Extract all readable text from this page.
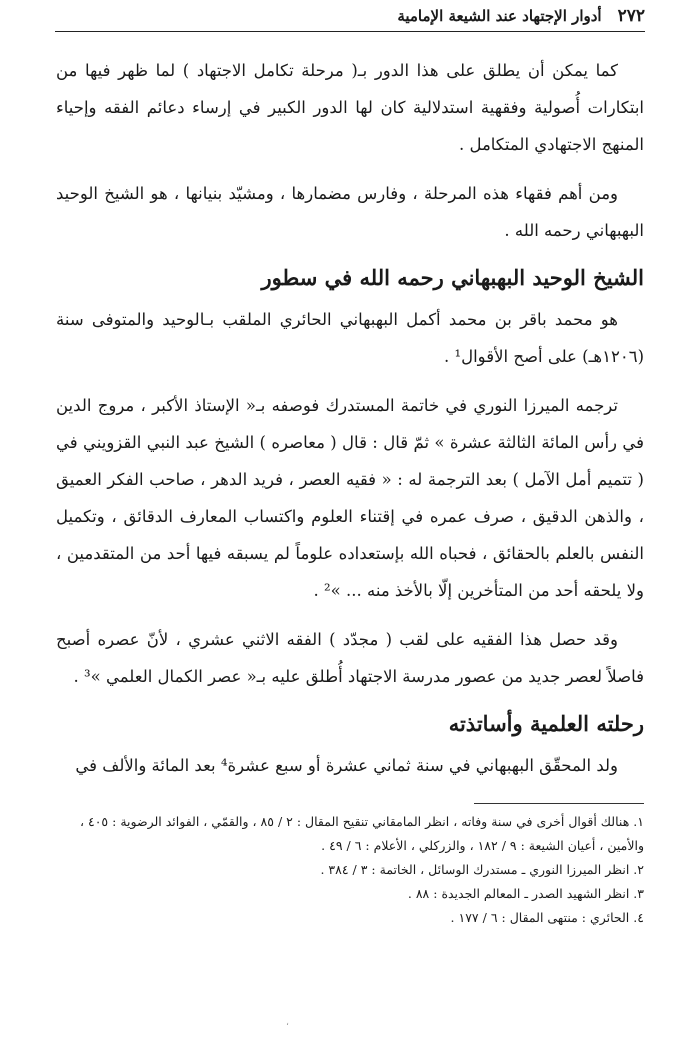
٢٧٢
أدوار الإجتهاد عند الشيعة الإمامية

كما يمكن أن يطلق على هذا الدور بـ( مرحلة تكامل الاجتهاد ) لما ظهر فيها من ابتكارات أُصولية وفقهية استدلالية كان لها الدور الكبير في إرساء دعائم الفقه وإحياء المنهج الاجتهادي المتكامل .

ومن أهم فقهاء هذه المرحلة ، وفارس مضمارها ، ومشيّد بنيانها ، هو الشيخ الوحيد البهبهاني رحمه الله .

الشيخ الوحيد البهبهاني رحمه الله في سطور

هو محمد باقر بن محمد أكمل البهبهاني الحائري الملقب بـالوحيد والمتوفى سنة (١٢٠٦هـ) على أصح الأقوال¹ .

ترجمه الميرزا النوري في خاتمة المستدرك فوصفه بـ« الإستاذ الأكبر ، مروج الدين في رأس المائة الثالثة عشرة » ثمّ قال : قال ( معاصره ) الشيخ عبد النبي القزويني في ( تتميم أمل الآمل ) بعد الترجمة له : « فقيه العصر ، فريد الدهر ، صاحب الفكر العميق ، والذهن الدقيق ، صرف عمره في إقتناء العلوم واكتساب المعارف الدقائق ، وتكميل النفس بالعلم بالحقائق ، فحباه الله بإستعداده علوماً لم يسبقه فيها أحد من المتقدمين ، ولا يلحقه أحد من المتأخرين إلّا بالأخذ منه ... »² .

وقد حصل هذا الفقيه على لقب ( مجدّد ) الفقه الاثني عشري ، لأنّ عصره أصبح فاصلاً لعصر جديد من عصور مدرسة الاجتهاد أُطلق عليه بـ« عصر الكمال العلمي »³ .

رحلته العلمية وأساتذته

ولد المحقّق البهبهاني في سنة ثماني عشرة أو سبع عشرة⁴ بعد المائة والألف في

١.هنالك أقوال أخرى في سنة وفاته ، انظر المامقاني تنقيح المقال : ٢ / ٨٥ ، والقمّي ، الفوائد الرضوية : ٤٠٥ ، والأمين ، أعيان الشيعة : ٩ / ١٨٢ ، والزركلي ، الأعلام : ٦ / ٤٩ .

٢.انظر الميرزا النوري ـ مستدرك الوسائل ، الخاتمة : ٣ / ٣٨٤ .

٣.انظر الشهيد الصدر ـ المعالم الجديدة : ٨٨ .

٤.الحائري : منتهى المقال : ٦ / ١٧٧ .

،
